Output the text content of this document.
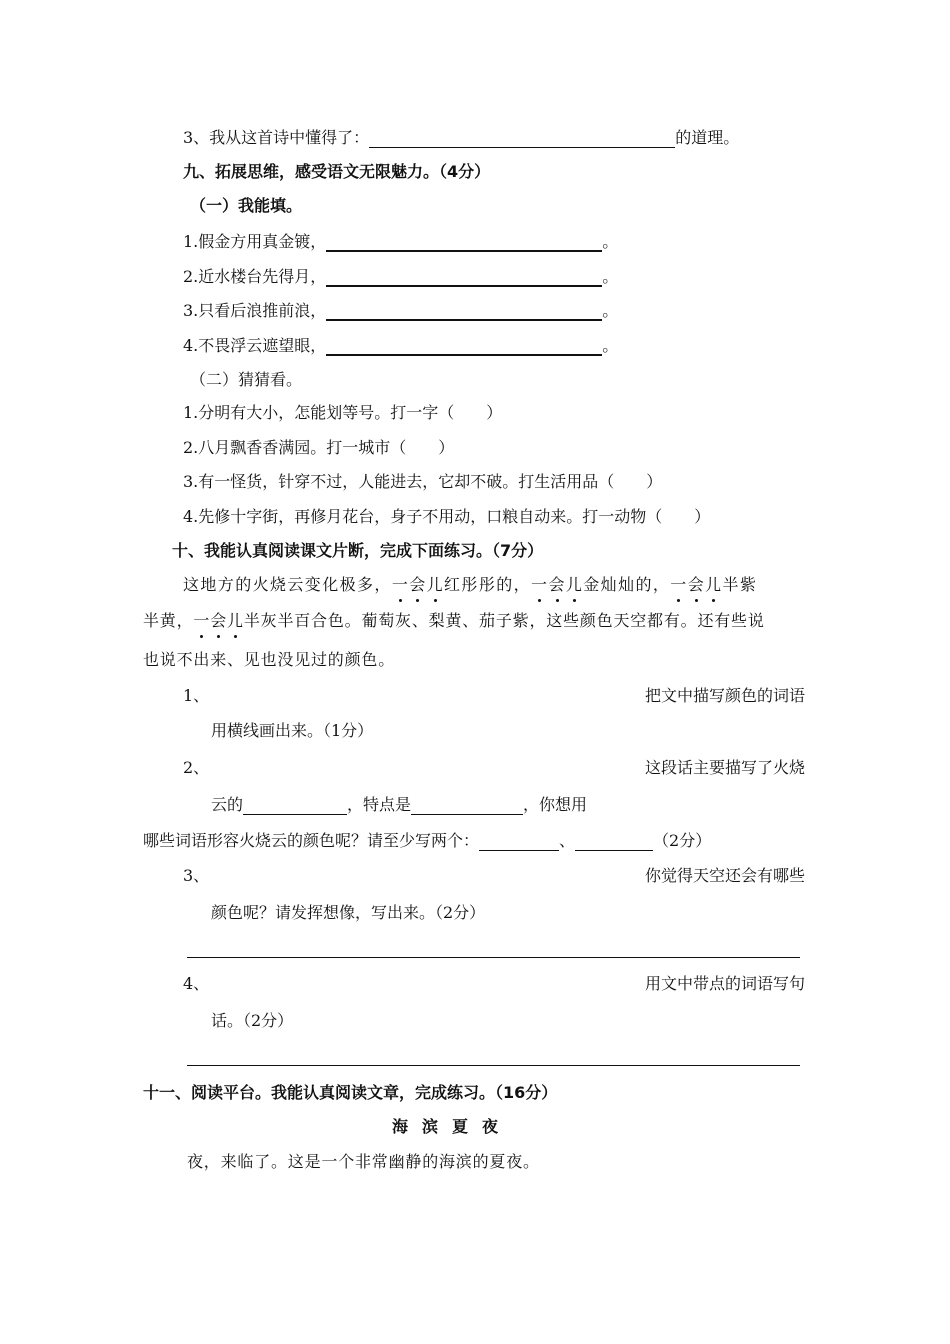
3、我从这首诗中懂得了：	的道理。
九、拓展思维，感受语文无限魅力。（4分）
（一）我能填。
1.假金方用真金镀，	。
2.近水楼台先得月，	。
3.只看后浪推前浪，	。
4.不畏浮云遮望眼，	。
（二）猜猜看。
1.分明有大小，怎能划等号。打一字（　　）
2.八月飘香香满园。打一城市（　　）
3.有一怪货，针穿不过，人能进去，它却不破。打生活用品（　　）
4.先修十字街，再修月花台，身子不用动，口粮自动来。打一动物（　　）
十、我能认真阅读课文片断，完成下面练习。（7分）
这地方的火烧云变化极多，一会儿红彤彤的，一会儿金灿灿的，一会儿半紫
半黄，一会儿半灰半百合色。葡萄灰、梨黄、茄子紫，这些颜色天空都有。还有些说
也说不出来、见也没见过的颜色。
1、	把文中描写颜色的词语
用横线画出来。（1分）
2、	这段话主要描写了火烧
云的	，特点是	，你想用
哪些词语形容火烧云的颜色呢？请至少写两个：	、	（2分）
3、	你觉得天空还会有哪些
颜色呢？请发挥想像，写出来。（2分）
4、	用文中带点的词语写句
话。（2分）
十一、阅读平台。我能认真阅读文章，完成练习。（16分）
海滨夏夜
夜，来临了。这是一个非常幽静的海滨的夏夜。
